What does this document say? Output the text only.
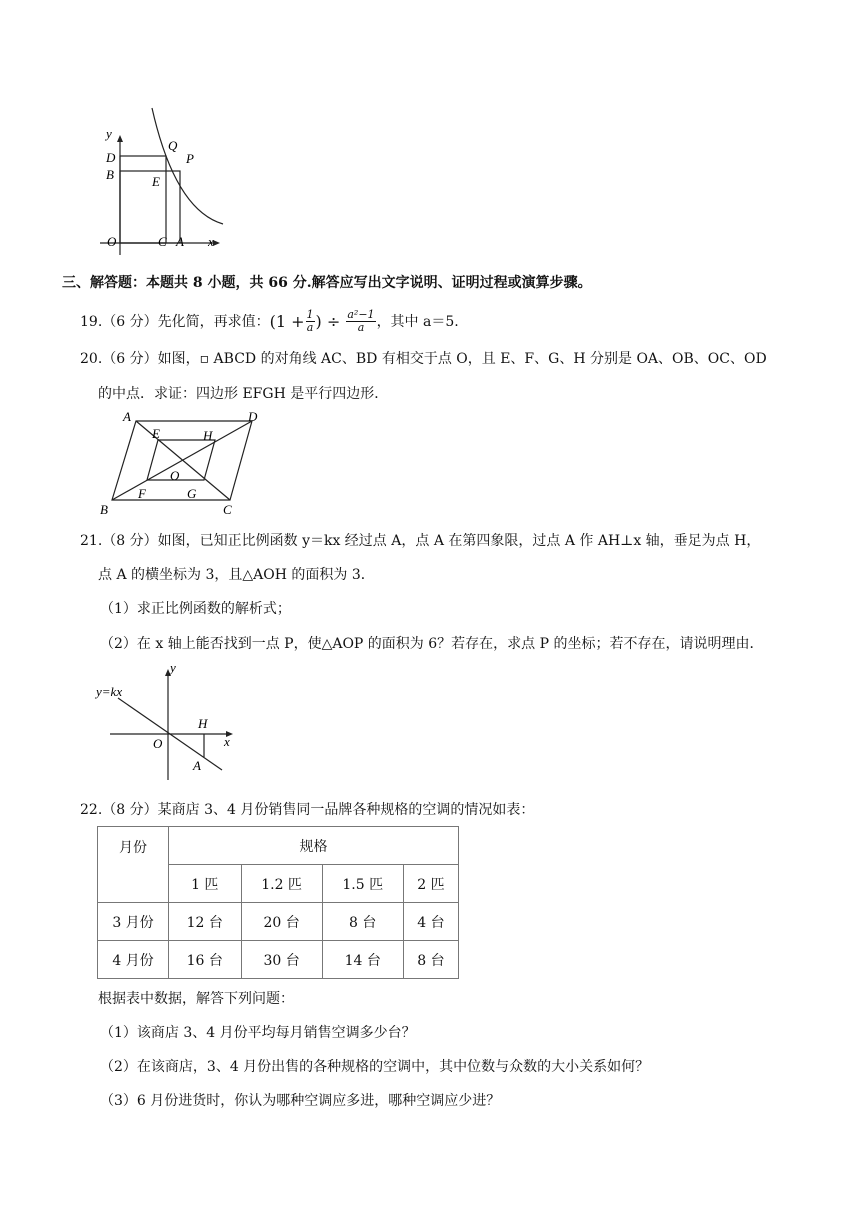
y
D
B
Q
P
E
O	C A x
三、解答题：本题共 8 小题，共 66 分.解答应写出文字说明、证明过程或演算步骤。
19.（6 分）先化简，再求值： ($1 + \frac{1}{a}$ ) ÷ $\frac{\text{a²−1}}{a}$ ，其中 a＝5.
20.（6 分）如图，▫ ABCD 的对角线 AC、BD 有相交于点 O，且 E、F、G、H 分别是 OA、OB、OC、OD
的中点．求证：四边形 EFGH 是平行四边形．
A	D
E	H
O
F	G
B	C
21.（8 分）如图，已知正比例函数 y＝kx 经过点 A，点 A 在第四象限，过点 A 作 AH⊥x 轴，垂足为点 H，
点 A 的横坐标为 3，且△AOH 的面积为 3．
（1）求正比例函数的解析式；
（2）在 x 轴上能否找到一点 P，使△AOP 的面积为 6？若存在，求点 P 的坐标；若不存在，请说明理由．
y
y=kx
H
O	x
A
22.（8 分）某商店 3、4 月份销售同一品牌各种规格的空调的情况如表：
月份	规格			
	1 匹	1.2 匹	1.5 匹	2 匹
3 月份	12 台	20 台	8 台	4 台
4 月份	16 台	30 台	14 台	8 台
根据表中数据，解答下列问题：
（1）该商店 3、4 月份平均每月销售空调多少台？
（2）在该商店，3、4 月份出售的各种规格的空调中，其中位数与众数的大小关系如何？
（3）6 月份进货时，你认为哪种空调应多进，哪种空调应少进？
